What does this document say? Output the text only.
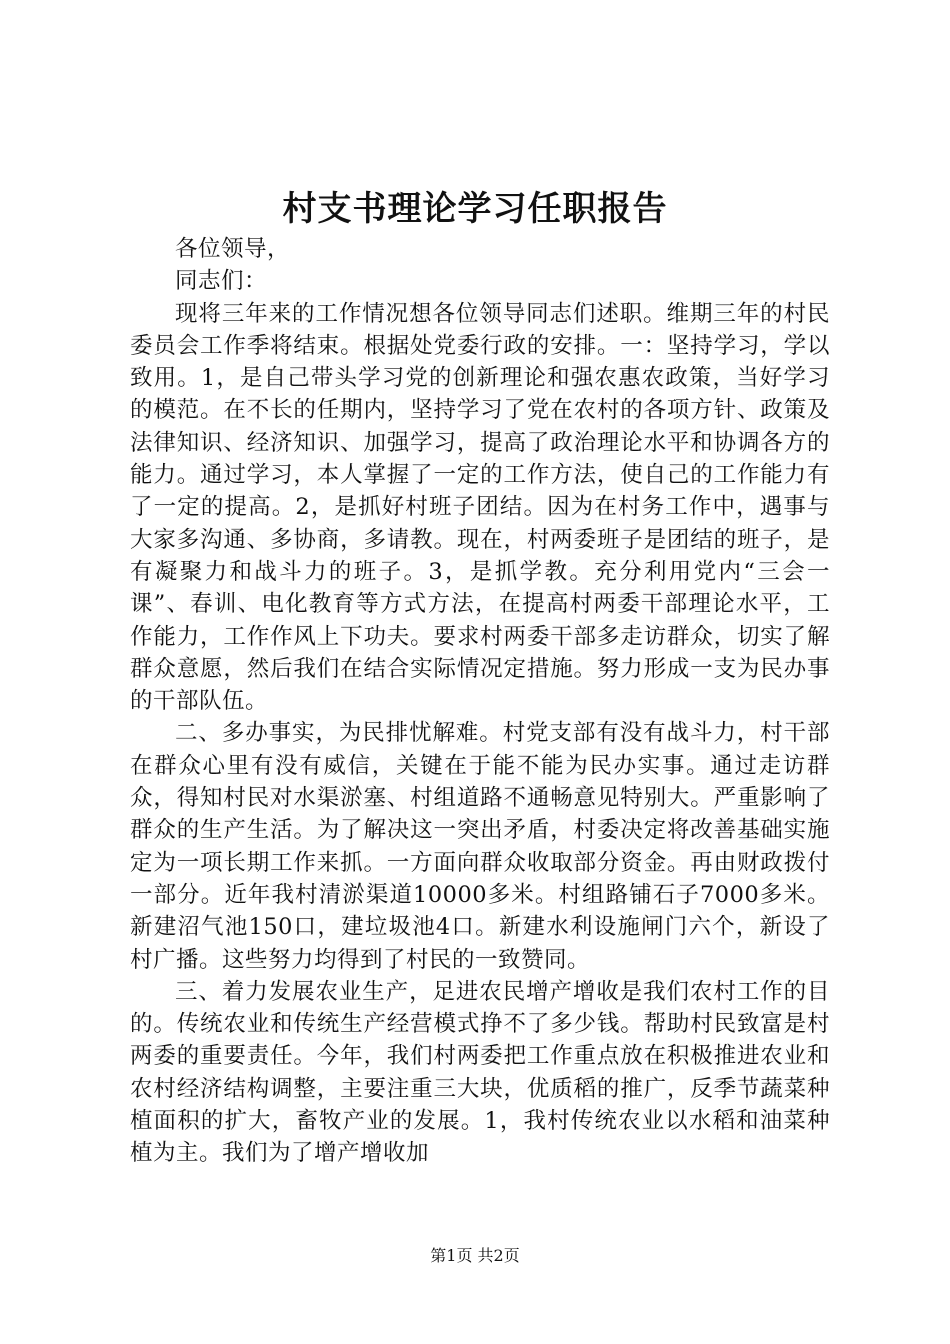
村支书理论学习任职报告

各位领导，

同志们：

现将三年来的工作情况想各位领导同志们述职。维期三年的村民委员会工作季将结束。根据处党委行政的安排。一：坚持学习，学以致用。1，是自己带头学习党的创新理论和强农惠农政策，当好学习的模范。在不长的任期内，坚持学习了党在农村的各项方针、政策及法律知识、经济知识、加强学习，提高了政治理论水平和协调各方的能力。通过学习，本人掌握了一定的工作方法，使自己的工作能力有了一定的提高。2，是抓好村班子团结。因为在村务工作中，遇事与大家多沟通、多协商，多请教。现在，村两委班子是团结的班子，是有凝聚力和战斗力的班子。3，是抓学教。充分利用党内“三会一课”、春训、电化教育等方式方法，在提高村两委干部理论水平，工作能力，工作作风上下功夫。要求村两委干部多走访群众，切实了解群众意愿，然后我们在结合实际情况定措施。努力形成一支为民办事的干部队伍。

二、多办事实，为民排忧解难。村党支部有没有战斗力，村干部在群众心里有没有威信，关键在于能不能为民办实事。通过走访群众，得知村民对水渠淤塞、村组道路不通畅意见特别大。严重影响了群众的生产生活。为了解决这一突出矛盾，村委决定将改善基础实施定为一项长期工作来抓。一方面向群众收取部分资金。再由财政拨付一部分。近年我村清淤渠道10000多米。村组路铺石子7000多米。新建沼气池150口，建垃圾池4口。新建水利设施闸门六个，新设了村广播。这些努力均得到了村民的一致赞同。

三、着力发展农业生产，足进农民增产增收是我们农村工作的目的。传统农业和传统生产经营模式挣不了多少钱。帮助村民致富是村两委的重要责任。今年，我们村两委把工作重点放在积极推进农业和农村经济结构调整，主要注重三大块，优质稻的推广，反季节蔬菜种植面积的扩大，畜牧产业的发展。1，我村传统农业以水稻和油菜种植为主。我们为了增产增收加

第1页 共2页
